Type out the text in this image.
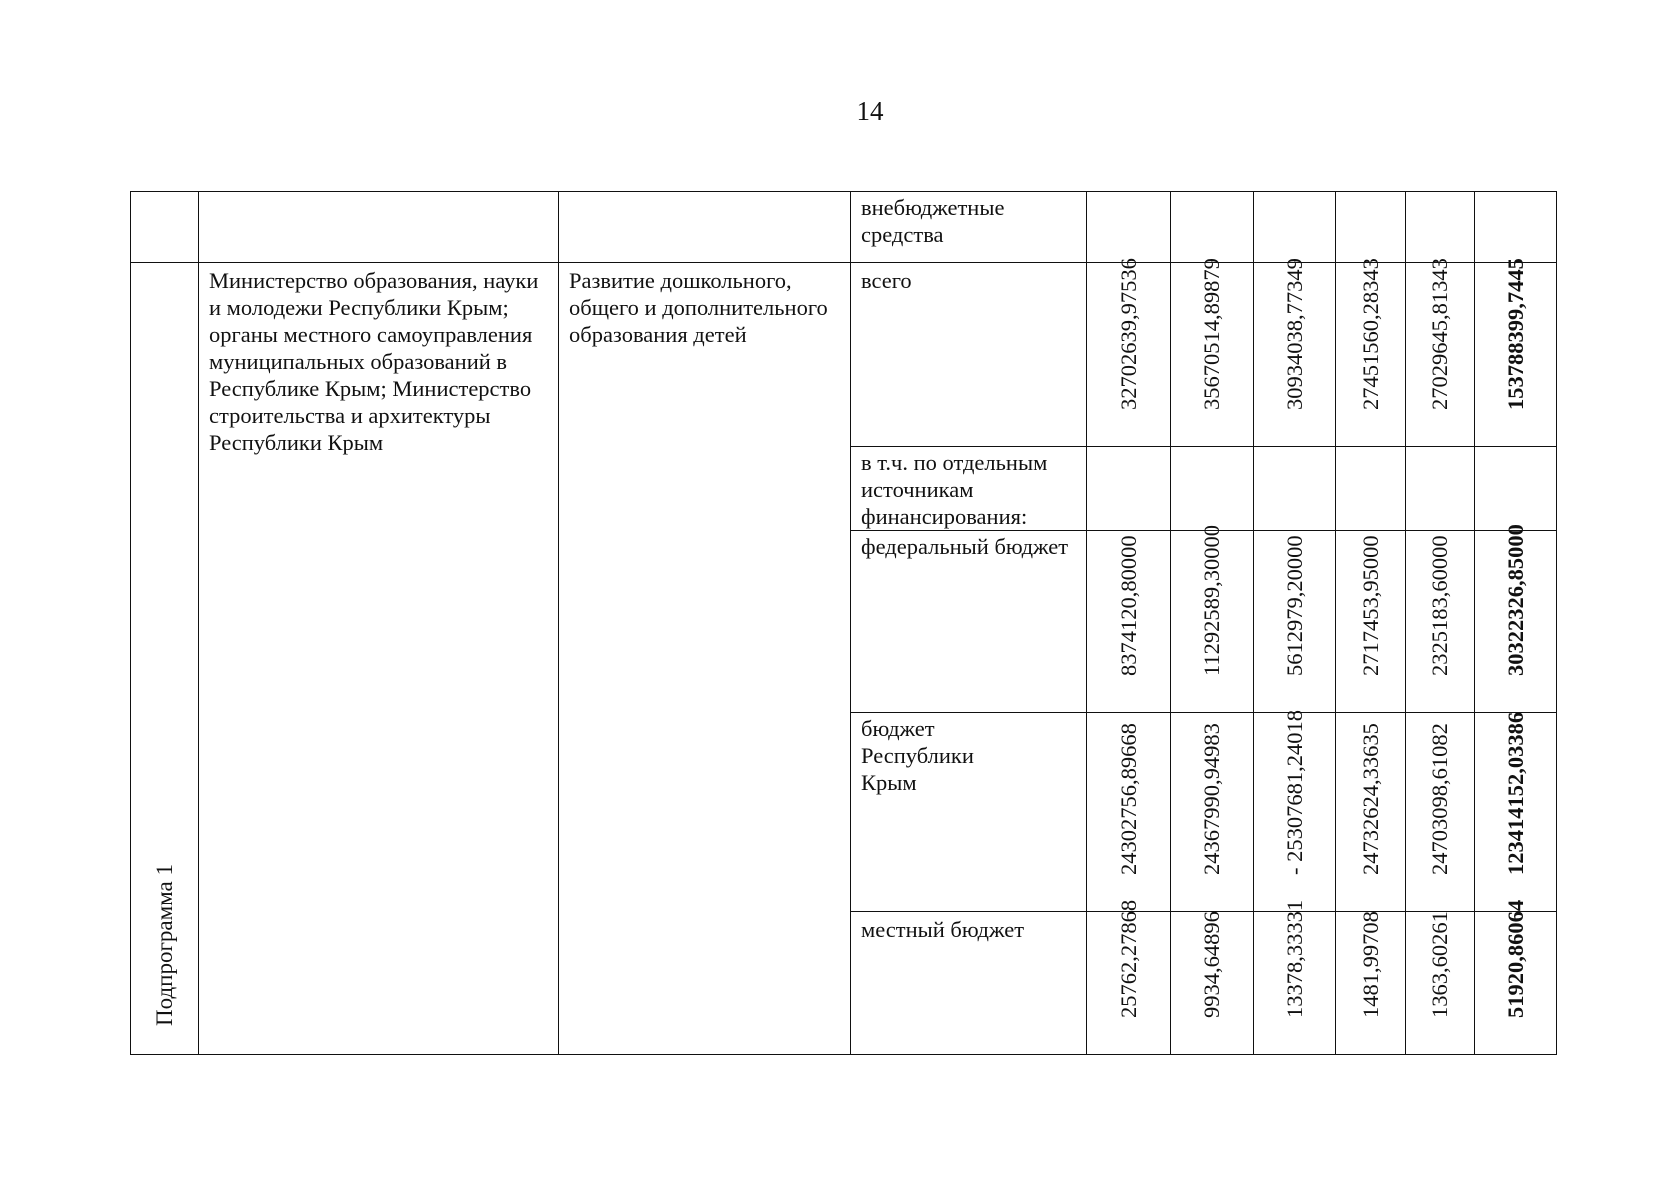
14

			внебюджетные средства						

Подпрограмма 1	Министерство образования, науки и молодежи Республики Крым; органы местного самоуправления муниципальных образований в Республике Крым; Министерство строительства и архитектуры Республики Крым	Развитие дошкольного, общего и дополнительного образования детей	всего	32702639,97536	35670514,89879	30934038,77349	27451560,28343	27029645,81343	153788399,7445

			в т.ч. по отдельным источникам финансирования:						

			федеральный бюджет	8374120,80000	11292589,30000	5612979,20000	2717453,95000	2325183,60000	30322326,85000

			бюджет Республики Крым	24302756,89668	24367990,94983	- 25307681,24018	24732624,33635	24703098,61082	123414152,03386

			местный бюджет	25762,27868	9934,64896	13378,33331	1481,99708	1363,60261	51920,86064
